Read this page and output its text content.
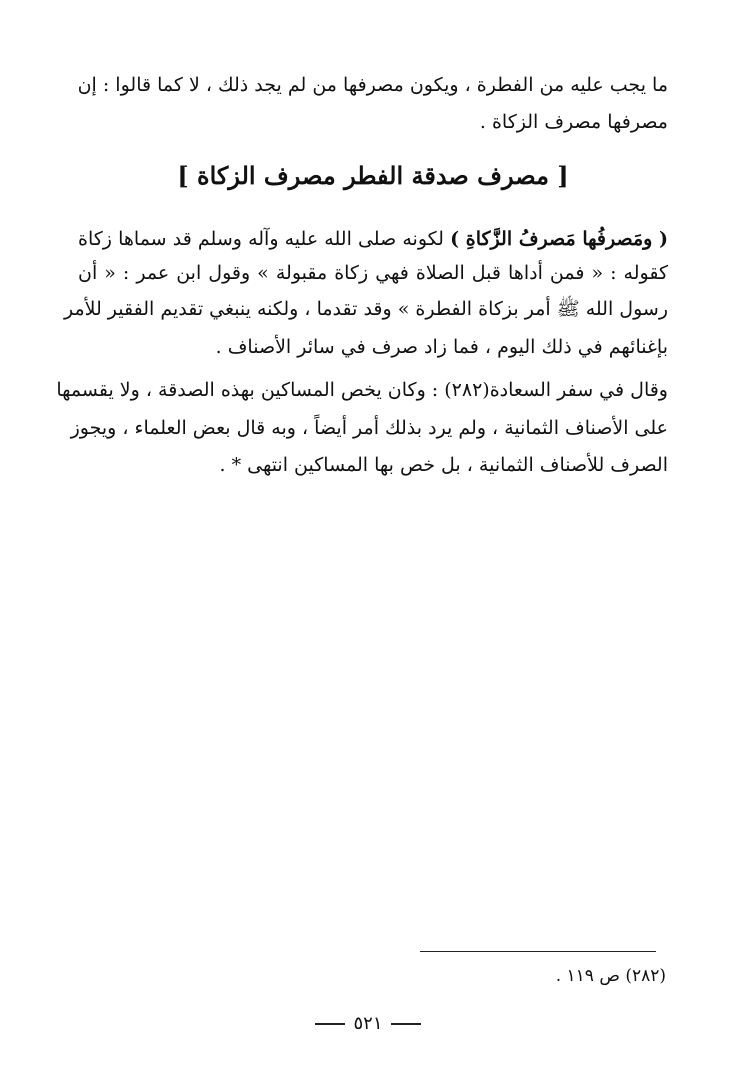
ما يجب عليه من الفطرة ، ويكون مصرفها من لم يجد ذلك ، لا كما قالوا : إن
مصرفها مصرف الزكاة .
[ مصرف صدقة الفطر مصرف الزكاة ]
( ومَصرفُها مَصرفُ الزَّكاةِ ) لكونه صلى الله عليه وآله وسلم قد سماها زكاة
كقوله : « فمن أداها قبل الصلاة فهي زكاة مقبولة » وقول ابن عمر : « أن
رسول الله ﷺ أمر بزكاة الفطرة » وقد تقدما ، ولكنه ينبغي تقديم الفقير للأمر
بإغنائهم في ذلك اليوم ، فما زاد صرف في سائر الأصناف .
وقال في سفر السعادة(٢٨٢) : وكان يخص المساكين بهذه الصدقة ، ولا يقسمها
على الأصناف الثمانية ، ولم يرد بذلك أمر أيضاً ، وبه قال بعض العلماء ، ويجوز
الصرف للأصناف الثمانية ، بل خص بها المساكين انتهى * .
(٢٨٢) ص ١١٩ .
٥٢١
